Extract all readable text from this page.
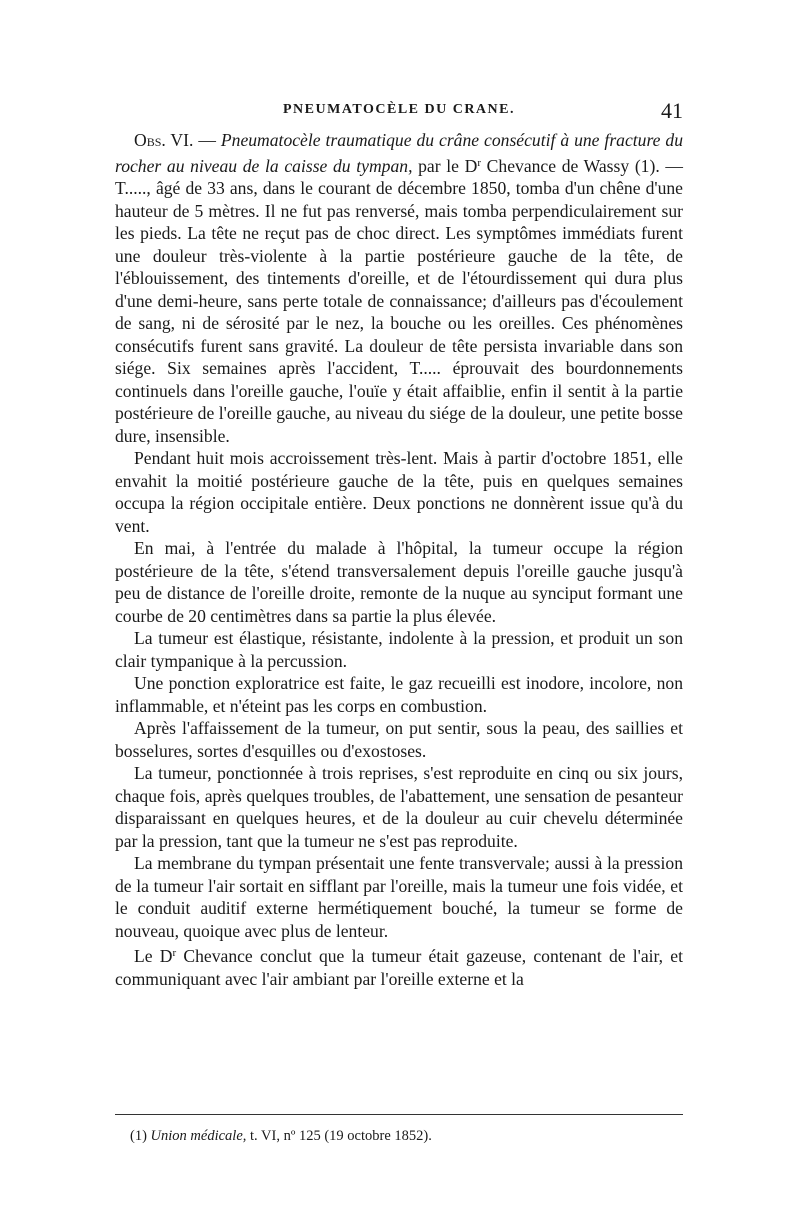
PNEUMATOCÈLE DU CRANE.	41

Obs. VI. — Pneumatocèle traumatique du crâne consécutif à une fracture du rocher au niveau de la caisse du tympan, par le $D^r$ Chevance de Wassy (1). — T....., âgé de 33 ans, dans le courant de décembre 1850, tomba d'un chêne d'une hauteur de 5 mètres. Il ne fut pas renversé, mais tomba perpendiculairement sur les pieds. La tête ne reçut pas de choc direct. Les symptômes immédiats furent une douleur très-violente à la partie postérieure gauche de la tête, de l'éblouissement, des tintements d'oreille, et de l'étourdissement qui dura plus d'une demi-heure, sans perte totale de connaissance; d'ailleurs pas d'écoulement de sang, ni de sérosité par le nez, la bouche ou les oreilles. Ces phénomènes consécutifs furent sans gravité. La douleur de tête persista invariable dans son siége. Six semaines après l'accident, T..... éprouvait des bourdonnements continuels dans l'oreille gauche, l'ouïe y était affaiblie, enfin il sentit à la partie postérieure de l'oreille gauche, au niveau du siége de la douleur, une petite bosse dure, insensible.

Pendant huit mois accroissement très-lent. Mais à partir d'octobre 1851, elle envahit la moitié postérieure gauche de la tête, puis en quelques semaines occupa la région occipitale entière. Deux ponctions ne donnèrent issue qu'à du vent.

En mai, à l'entrée du malade à l'hôpital, la tumeur occupe la région postérieure de la tête, s'étend transversalement depuis l'oreille gauche jusqu'à peu de distance de l'oreille droite, remonte de la nuque au synciput formant une courbe de 20 centimètres dans sa partie la plus élevée.

La tumeur est élastique, résistante, indolente à la pression, et produit un son clair tympanique à la percussion.

Une ponction exploratrice est faite, le gaz recueilli est inodore, incolore, non inflammable, et n'éteint pas les corps en combustion.

Après l'affaissement de la tumeur, on put sentir, sous la peau, des saillies et bosselures, sortes d'esquilles ou d'exostoses.

La tumeur, ponctionnée à trois reprises, s'est reproduite en cinq ou six jours, chaque fois, après quelques troubles, de l'abattement, une sensation de pesanteur disparaissant en quelques heures, et de la douleur au cuir chevelu déterminée par la pression, tant que la tumeur ne s'est pas reproduite.

La membrane du tympan présentait une fente transvervale; aussi à la pression de la tumeur l'air sortait en sifflant par l'oreille, mais la tumeur une fois vidée, et le conduit auditif externe hermétiquement bouché, la tumeur se forme de nouveau, quoique avec plus de lenteur.

Le $D^r$ Chevance conclut que la tumeur était gazeuse, contenant de l'air, et communiquant avec l'air ambiant par l'oreille externe et la

(1) Union médicale, t. VI, nº 125 (19 octobre 1852).
